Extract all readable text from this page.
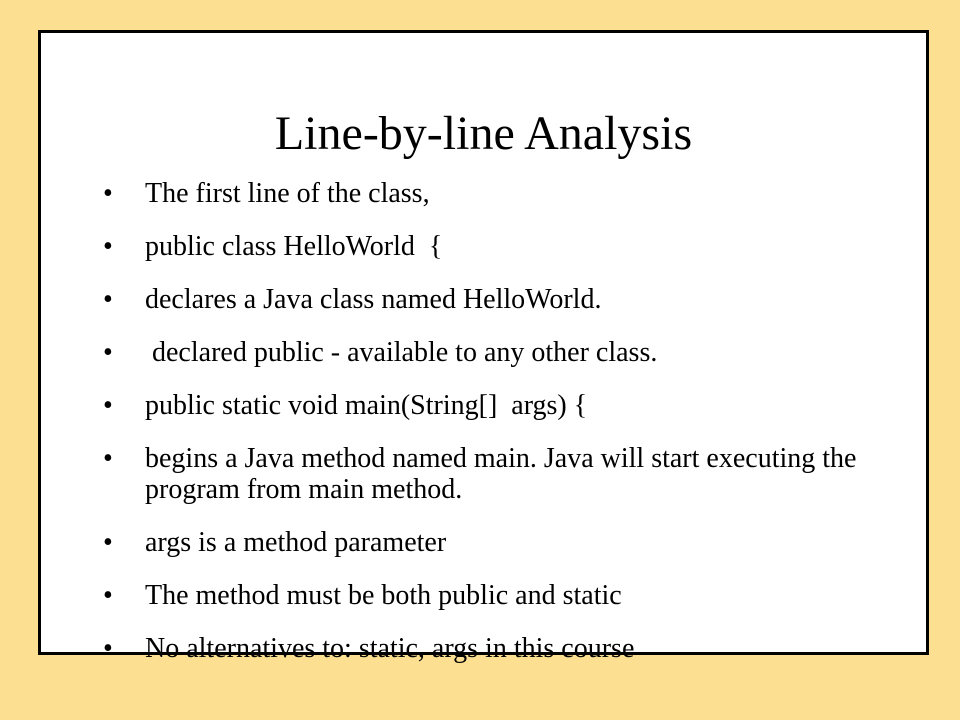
Line-by-line Analysis
• The first line of the class,
• public class HelloWorld  {
• declares a Java class named HelloWorld.
• declared public - available to any other class.
• public static void main(String[]  args) {
• begins a Java method named main. Java will start executing the program from main method.
• args is a method parameter
• The method must be both public and static
• No alternatives to: static, args in this course
